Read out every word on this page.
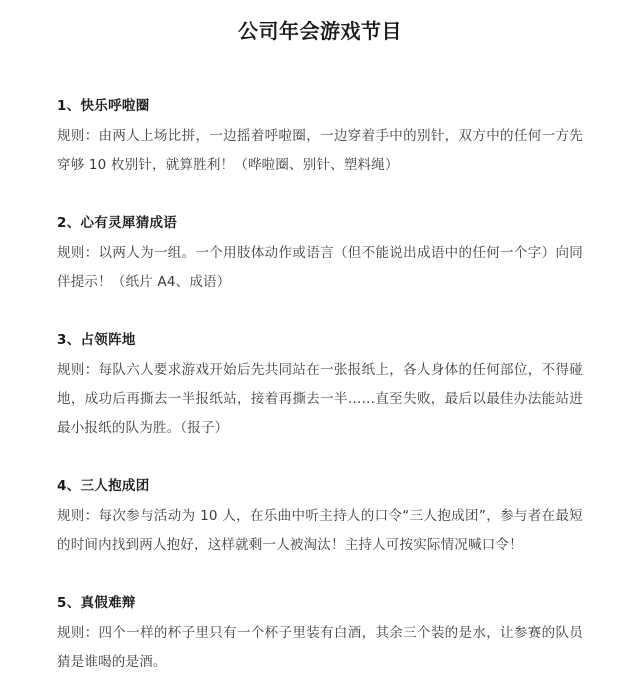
公司年会游戏节目
1、快乐呼啦圈
规则：由两人上场比拼，一边摇着呼啦圈，一边穿着手中的别针，双方中的任何一方先穿够 10 枚别针，就算胜利！（哗啦圈、别针、塑料绳）
2、心有灵犀猜成语
规则：以两人为一组。一个用肢体动作或语言（但不能说出成语中的任何一个字）向同伴提示！（纸片 A4、成语）
3、占领阵地
规则：每队六人要求游戏开始后先共同站在一张报纸上，各人身体的任何部位，不得碰地，成功后再撕去一半报纸站，接着再撕去一半……直至失败，最后以最佳办法能站进最小报纸的队为胜。（报子）
4、三人抱成团
规则：每次参与活动为 10 人，在乐曲中听主持人的口令“三人抱成团”，参与者在最短的时间内找到两人抱好，这样就剩一人被淘汰！主持人可按实际情况喊口令！
5、真假难辩
规则：四个一样的杯子里只有一个杯子里装有白酒，其余三个装的是水，让参赛的队员猜是谁喝的是酒。
